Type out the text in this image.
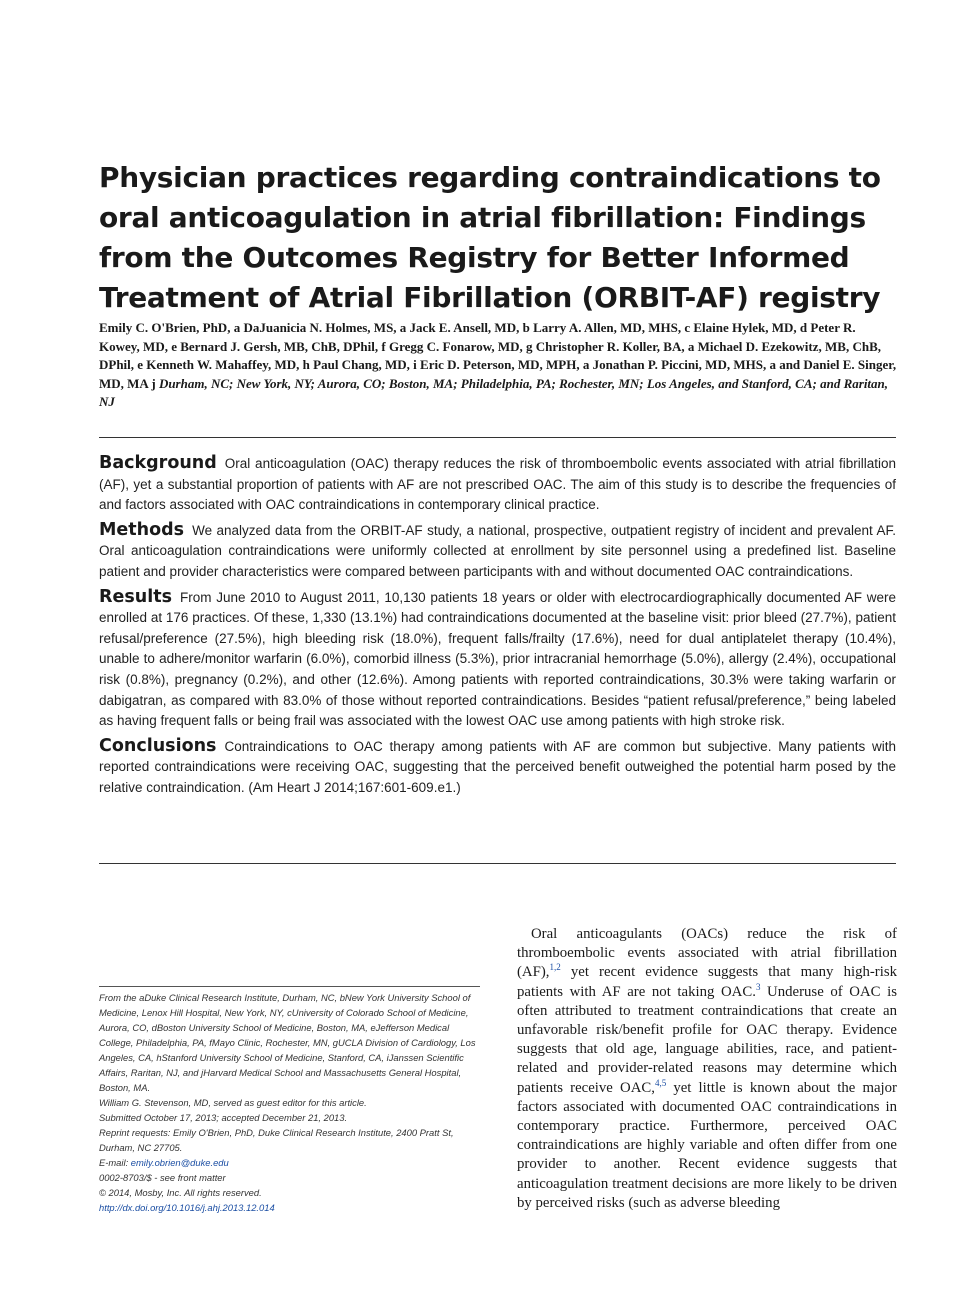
Physician practices regarding contraindications to oral anticoagulation in atrial fibrillation: Findings from the Outcomes Registry for Better Informed Treatment of Atrial Fibrillation (ORBIT-AF) registry

Emily C. O'Brien, PhD, a DaJuanicia N. Holmes, MS, a Jack E. Ansell, MD, b Larry A. Allen, MD, MHS, c Elaine Hylek, MD, d Peter R. Kowey, MD, e Bernard J. Gersh, MB, ChB, DPhil, f Gregg C. Fonarow, MD, g Christopher R. Koller, BA, a Michael D. Ezekowitz, MB, ChB, DPhil, e Kenneth W. Mahaffey, MD, h Paul Chang, MD, i Eric D. Peterson, MD, MPH, a Jonathan P. Piccini, MD, MHS, a and Daniel E. Singer, MD, MA j Durham, NC; New York, NY; Aurora, CO; Boston, MA; Philadelphia, PA; Rochester, MN; Los Angeles, and Stanford, CA; and Raritan, NJ

Background Oral anticoagulation (OAC) therapy reduces the risk of thromboembolic events associated with atrial fibrillation (AF), yet a substantial proportion of patients with AF are not prescribed OAC. The aim of this study is to describe the frequencies of and factors associated with OAC contraindications in contemporary clinical practice.

Methods We analyzed data from the ORBIT-AF study, a national, prospective, outpatient registry of incident and prevalent AF. Oral anticoagulation contraindications were uniformly collected at enrollment by site personnel using a predefined list. Baseline patient and provider characteristics were compared between participants with and without documented OAC contraindications.

Results From June 2010 to August 2011, 10,130 patients 18 years or older with electrocardiographically documented AF were enrolled at 176 practices. Of these, 1,330 (13.1%) had contraindications documented at the baseline visit: prior bleed (27.7%), patient refusal/preference (27.5%), high bleeding risk (18.0%), frequent falls/frailty (17.6%), need for dual antiplatelet therapy (10.4%), unable to adhere/monitor warfarin (6.0%), comorbid illness (5.3%), prior intracranial hemorrhage (5.0%), allergy (2.4%), occupational risk (0.8%), pregnancy (0.2%), and other (12.6%). Among patients with reported contraindications, 30.3% were taking warfarin or dabigatran, as compared with 83.0% of those without reported contraindications. Besides “patient refusal/preference,” being labeled as having frequent falls or being frail was associated with the lowest OAC use among patients with high stroke risk.

Conclusions Contraindications to OAC therapy among patients with AF are common but subjective. Many patients with reported contraindications were receiving OAC, suggesting that the perceived benefit outweighed the potential harm posed by the relative contraindication. (Am Heart J 2014;167:601-609.e1.)

From the aDuke Clinical Research Institute, Durham, NC, bNew York University School of Medicine, Lenox Hill Hospital, New York, NY, cUniversity of Colorado School of Medicine, Aurora, CO, dBoston University School of Medicine, Boston, MA, eJefferson Medical College, Philadelphia, PA, fMayo Clinic, Rochester, MN, gUCLA Division of Cardiology, Los Angeles, CA, hStanford University School of Medicine, Stanford, CA, iJanssen Scientific Affairs, Raritan, NJ, and jHarvard Medical School and Massachusetts General Hospital, Boston, MA.

William G. Stevenson, MD, served as guest editor for this article.

Submitted October 17, 2013; accepted December 21, 2013.

Reprint requests: Emily O'Brien, PhD, Duke Clinical Research Institute, 2400 Pratt St, Durham, NC 27705.

E-mail: emily.obrien@duke.edu

0002-8703/$ - see front matter

© 2014, Mosby, Inc. All rights reserved.

http://dx.doi.org/10.1016/j.ahj.2013.12.014

Oral anticoagulants (OACs) reduce the risk of thromboembolic events associated with atrial fibrillation (AF),$^{1,2}$ yet recent evidence suggests that many high-risk patients with AF are not taking OAC.$^3$ Underuse of OAC is often attributed to treatment contraindications that create an unfavorable risk/benefit profile for OAC therapy. Evidence suggests that old age, language abilities, race, and patient-related and provider-related reasons may determine which patients receive OAC,$^{4,5}$ yet little is known about the major factors associated with documented OAC contraindications in contemporary practice. Furthermore, perceived OAC contraindications are highly variable and often differ from one provider to another. Recent evidence suggests that anticoagulation treatment decisions are more likely to be driven by perceived risks (such as adverse bleeding
